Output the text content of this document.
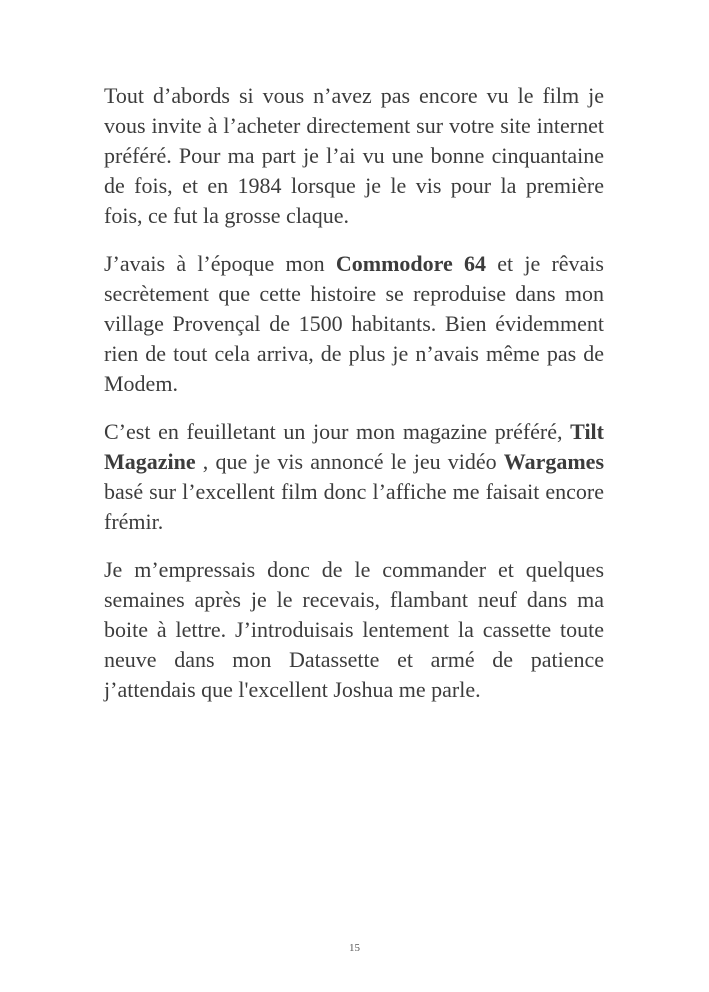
Tout d’abords si vous n’avez pas encore vu le film je vous invite à l’acheter directement sur votre site internet préféré. Pour ma part je l’ai vu une bonne cinquantaine de fois, et en 1984 lorsque je le vis pour la première fois, ce fut la grosse claque.

J’avais à l’époque mon Commodore 64 et je rêvais secrètement que cette histoire se reproduise dans mon village Provençal de 1500 habitants. Bien évidemment rien de tout cela arriva, de plus je n’avais même pas de Modem.

C’est en feuilletant un jour mon magazine préféré, Tilt Magazine , que je vis annoncé le jeu vidéo Wargames basé sur l’excellent film donc l’affiche me faisait encore frémir.

Je m’empressais donc de le commander et quelques semaines après je le recevais, flambant neuf dans ma boite à lettre. J’introduisais lentement la cassette toute neuve dans mon Datassette et armé de patience j’attendais que l'excellent Joshua me parle.

15
